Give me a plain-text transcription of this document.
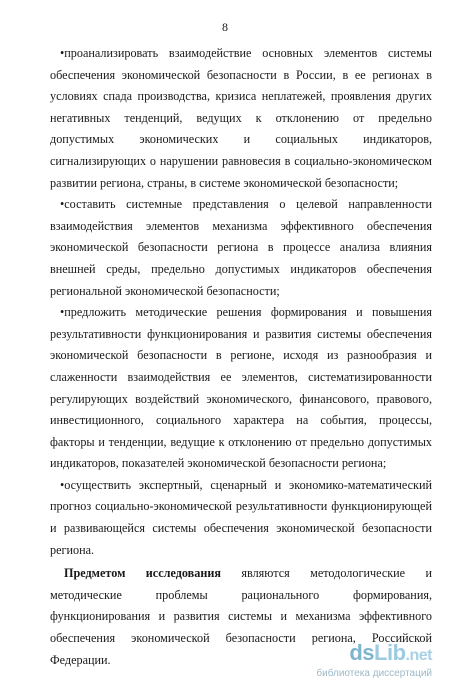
8

•проанализировать взаимодействие основных элементов системы обеспечения экономической безопасности в России, в ее регионах в условиях спада производства, кризиса неплатежей, проявления других негативных тенденций, ведущих к отклонению от предельно допустимых экономических и социальных индикаторов, сигнализирующих о нарушении равновесия в социально-экономическом развитии региона, страны, в системе экономической безопасности;

•составить системные представления о целевой направленности взаимодействия элементов механизма эффективного обеспечения экономической безопасности региона в процессе анализа влияния внешней среды, предельно допустимых индикаторов обеспечения региональной экономической безопасности;

•предложить методические решения формирования и повышения результативности функционирования и развития системы обеспечения экономической безопасности в регионе, исходя из разнообразия и слаженности взаимодействия ее элементов, систематизированности регулирующих воздействий экономического, финансового, правового, инвестиционного, социального характера на события, процессы, факторы и тенденции, ведущие к отклонению от предельно допустимых индикаторов, показателей экономической безопасности региона;

•осуществить экспертный, сценарный и экономико-математический прогноз социально-экономической результативности функционирующей и развивающейся системы обеспечения экономической безопасности региона.

Предметом исследования являются методологические и методические проблемы рационального формирования, функционирования и развития системы и механизма эффективного обеспечения экономической безопасности региона, Российской Федерации.	dsLib.net
библиотека диссертаций
